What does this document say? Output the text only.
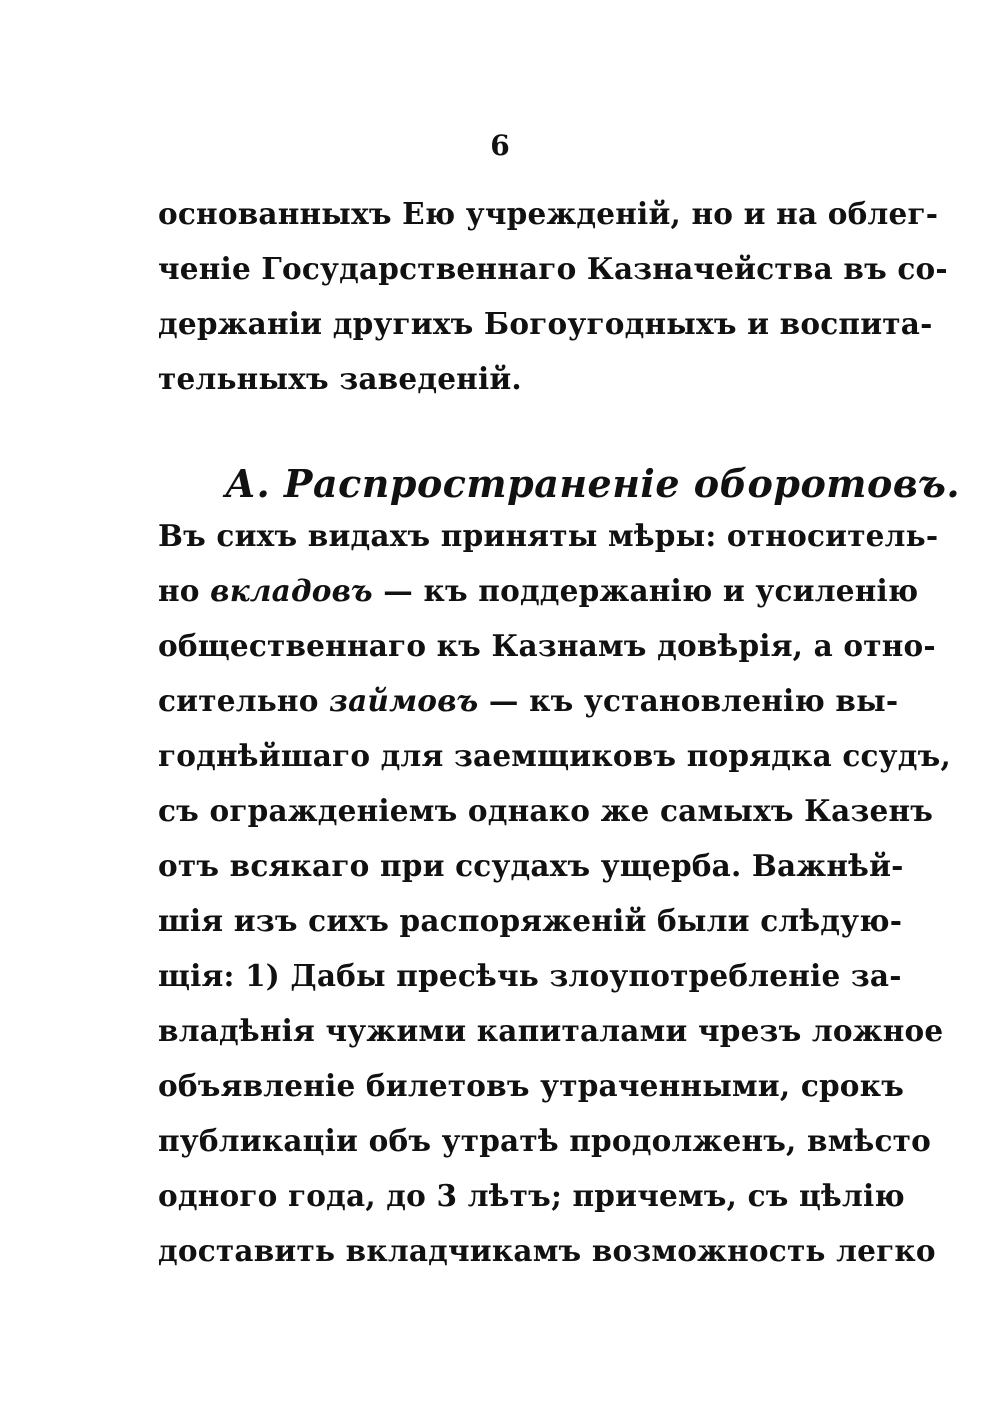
6
основанныхъ Ею учрежденій, но и на облег-
ченіе Государственнаго Казначейства въ со-
держаніи другихъ Богоугодныхъ и воспита-
тельныхъ заведеній.
А. Распространеніе оборотовъ.
Въ сихъ видахъ приняты мѣры: относитель-
но вкладовъ — къ поддержанію и усиленію
общественнаго къ Казнамъ довѣрія, а отно-
сительно займовъ — къ установленію вы-
годнѣйшаго для заемщиковъ порядка ссудъ,
съ огражденіемъ однако же самыхъ Казенъ
отъ всякаго при ссудахъ ущерба. Важнѣй-
шія изъ сихъ распоряженій были слѣдую-
щія: 1) Дабы пресѣчь злоупотребленіе за-
владѣнія чужими капиталами чрезъ ложное
объявленіе билетовъ утраченными, срокъ
публикаціи объ утратѣ продолженъ, вмѣсто
одного года, до 3 лѣтъ; причемъ, съ цѣлію
доставить вкладчикамъ возможность легко
